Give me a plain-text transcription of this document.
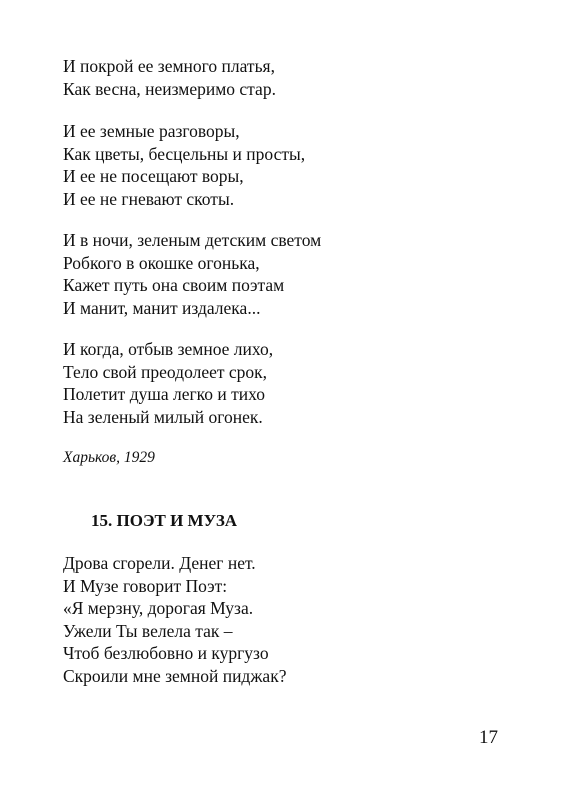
И покрой ее земного платья,
Как весна, неизмеримо стар.
И ее земные разговоры,
Как цветы, бесцельны и просты,
И ее не посещают воры,
И ее не гневают скоты.
И в ночи, зеленым детским светом
Робкого в окошке огонька,
Кажет путь она своим поэтам
И манит, манит издалека...
И когда, отбыв земное лихо,
Тело свой преодолеет срок,
Полетит душа легко и тихо
На зеленый милый огонек.
Харьков, 1929
15. ПОЭТ И МУЗА
Дрова сгорели. Денег нет.
И Музе говорит Поэт:
«Я мерзну, дорогая Муза.
Ужели Ты велела так –
Чтоб безлюбовно и кургузо
Скроили мне земной пиджак?
17
